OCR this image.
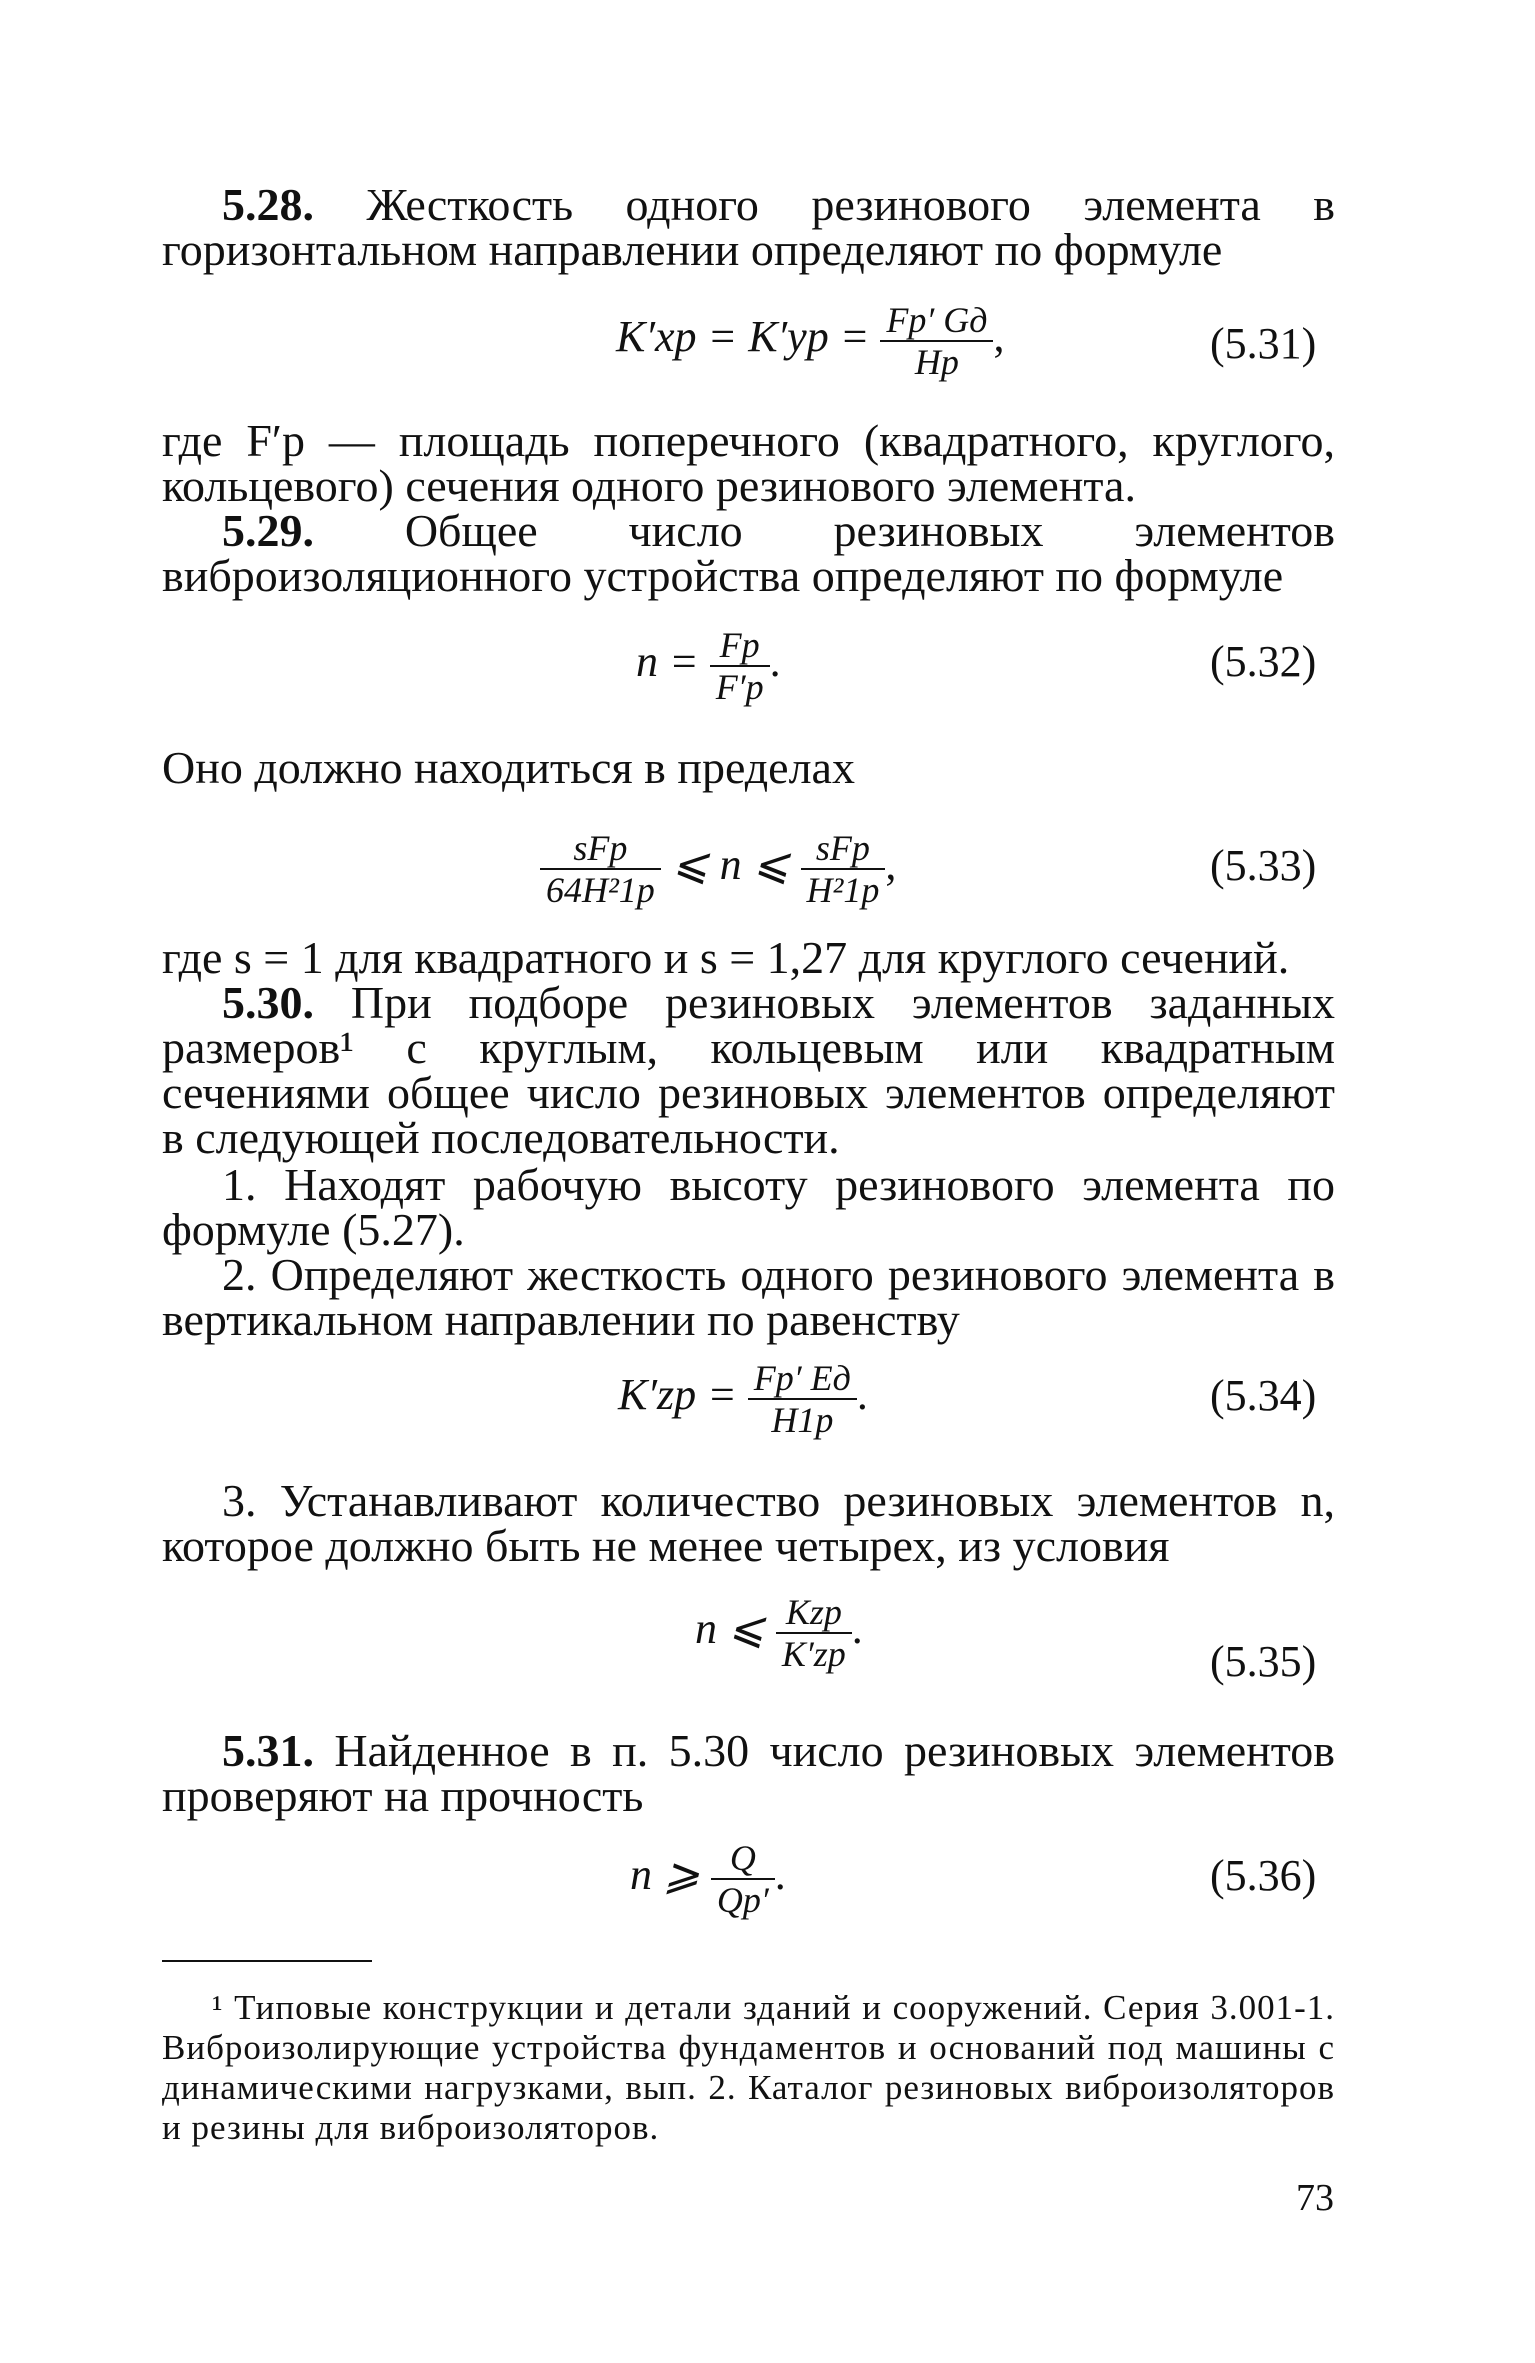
5.28. Жесткость одного резинового элемента в горизонтальном направлении определяют по формуле

$K'xp = K'yp = \frac{Fp' Gд}{Hp}$ ,	(5.31)

где F′р — площадь поперечного (квадратного, круглого, кольцевого) сечения одного резинового элемента.

5.29. Общее число резиновых элементов виброизоляционного устройства определяют по формуле

$n = \frac{Fp}{F'p}$ .	(5.32)

Оно должно находиться в пределах

$\frac{\text{sFp}}{\text{64H²1p}}$ ⩽ n ⩽ $\frac{\text{sFp}}{\text{H²1p}}$ ,	(5.33)

где s = 1 для квадратного и s = 1,27 для круглого сечений.

5.30. При подборе резиновых элементов заданных размеров¹ с круглым, кольцевым или квадратным сечениями общее число резиновых элементов определяют в следующей последовательности.

1. Находят рабочую высоту резинового элемента по формуле (5.27).

2. Определяют жесткость одного резинового элемента в вертикальном направлении по равенству

$K'zp = \frac{Fp' Eд}{H1p}$ .	(5.34)

3. Устанавливают количество резиновых элементов n, которое должно быть не менее четырех, из условия

n ⩽ $\frac{\text{Kzp}}{K'zp}$ .
(5.35)

5.31. Найденное в п. 5.30 число резиновых элементов проверяют на прочность

n ⩾ $\frac{Q}{Qp'}$ .	(5.36)

¹ Типовые конструкции и детали зданий и сооружений. Серия 3.001-1. Виброизолирующие устройства фундаментов и оснований под машины с динамическими нагрузками, вып. 2. Каталог резиновых виброизоляторов и резины для виброизоляторов.

73
